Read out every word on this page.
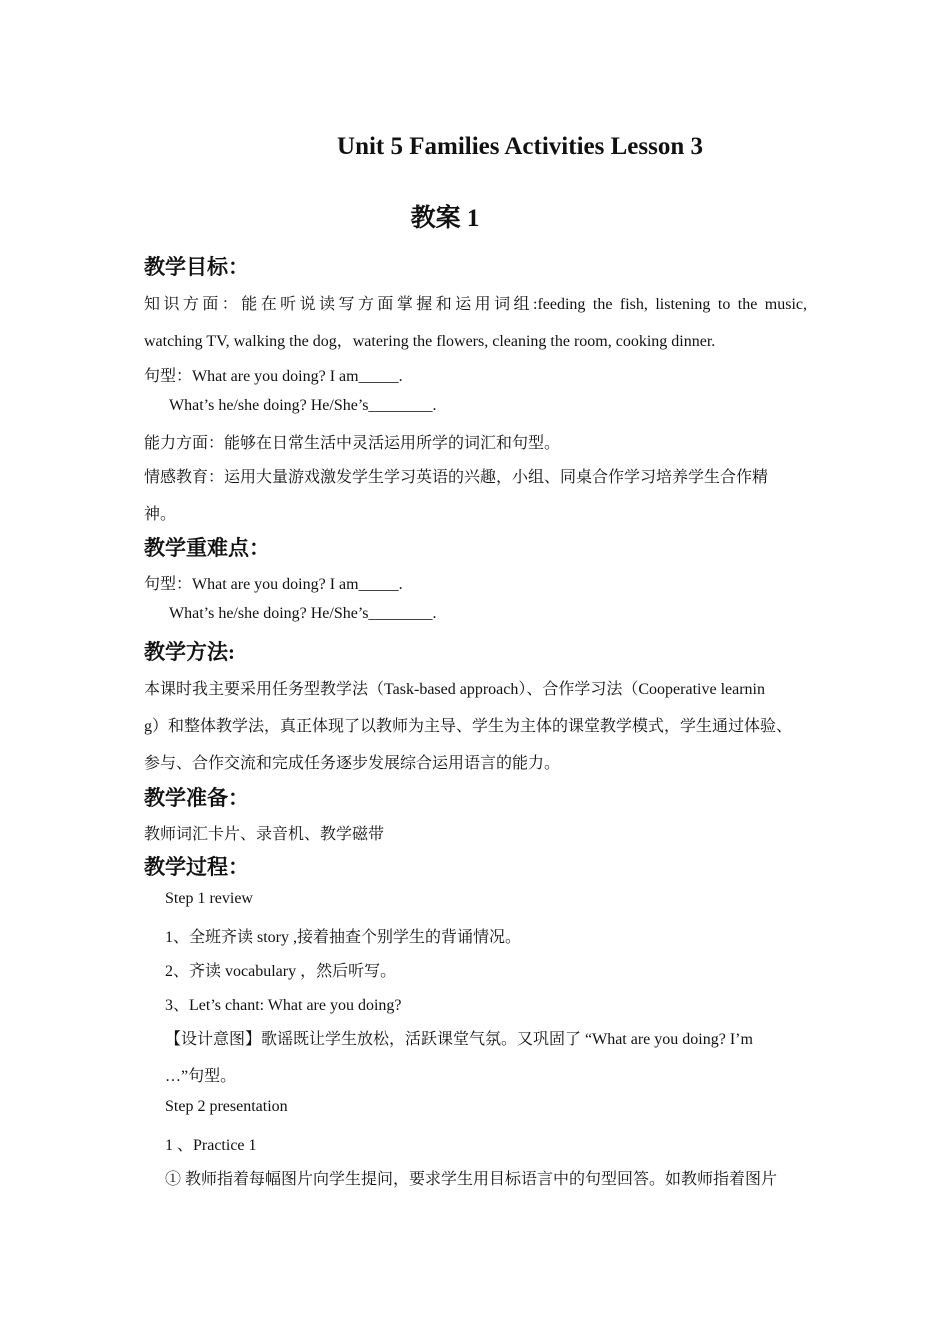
Unit 5 Families Activities Lesson 3
教案 1
教学目标：
知识方面：能在听说读写方面掌握和运用词组:feeding the fish, listening to the music,
watching TV, walking the dog，watering the flowers, cleaning the room, cooking dinner.
句型：What are you doing? I am_____.
What’s he/she doing? He/She’s________.
能力方面：能够在日常生活中灵活运用所学的词汇和句型。
情感教育：运用大量游戏激发学生学习英语的兴趣，小组、同桌合作学习培养学生合作精
神。
教学重难点：
句型：What are you doing? I am_____.
What’s he/she doing? He/She’s________.
教学方法:
本课时我主要采用任务型教学法（Task-based approach）、合作学习法（Cooperative learnin
g）和整体教学法，真正体现了以教师为主导、学生为主体的课堂教学模式，学生通过体验、
参与、合作交流和完成任务逐步发展综合运用语言的能力。
教学准备：
教师词汇卡片、录音机、教学磁带
教学过程：
Step 1 review
1、全班齐读 story ,接着抽查个别学生的背诵情况。
2、齐读 vocabulary ，然后听写。
3、Let’s chant: What are you doing?
【设计意图】歌谣既让学生放松，活跃课堂气氛。又巩固了 “What are you doing? I’m
…”句型。
Step 2 presentation
1 、Practice 1
① 教师指着每幅图片向学生提问，要求学生用目标语言中的句型回答。如教师指着图片
